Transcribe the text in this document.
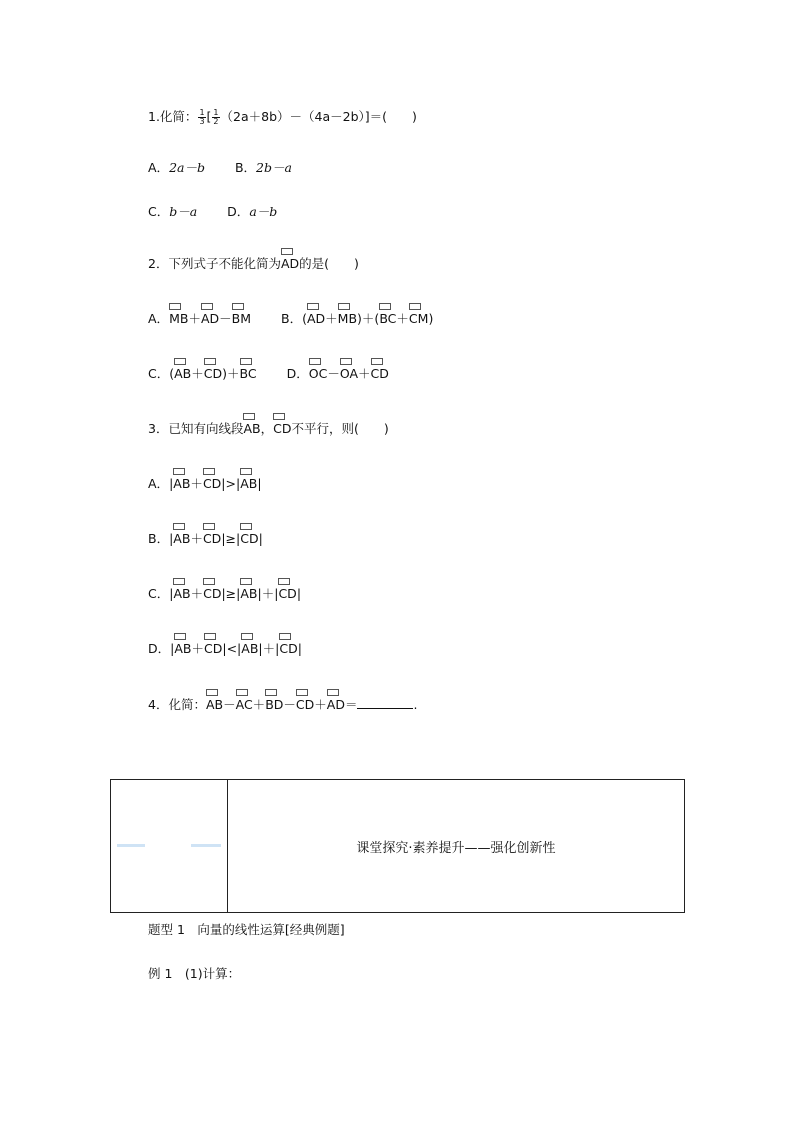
1.化简： $\frac{1}{3}$ [ $\frac{1}{2} (2a+8b)-(4a-2b)]=$(　　)
A．2a－b B．2b－a
C．b－a D．a－b
2．下列式子不能化简为AD的是(　　)
A．MB＋AD－BM B．(AD＋MB)＋(BC＋CM)
C．(AB＋CD)＋BC D．OC－OA＋CD
3．已知有向线段AB，CD不平行，则(　　)
A．|AB＋CD|>|AB|
B．|AB＋CD|≥|CD|
C．|AB＋CD|≥|AB|＋|CD|
D．|AB＋CD|<|AB|＋|CD|
4．化简：AB－AC＋BD－CD＋AD＝	.
课堂探究·素养提升——强化创新性
题型 1　向量的线性运算[经典例题]
例 1　(1)计算：
